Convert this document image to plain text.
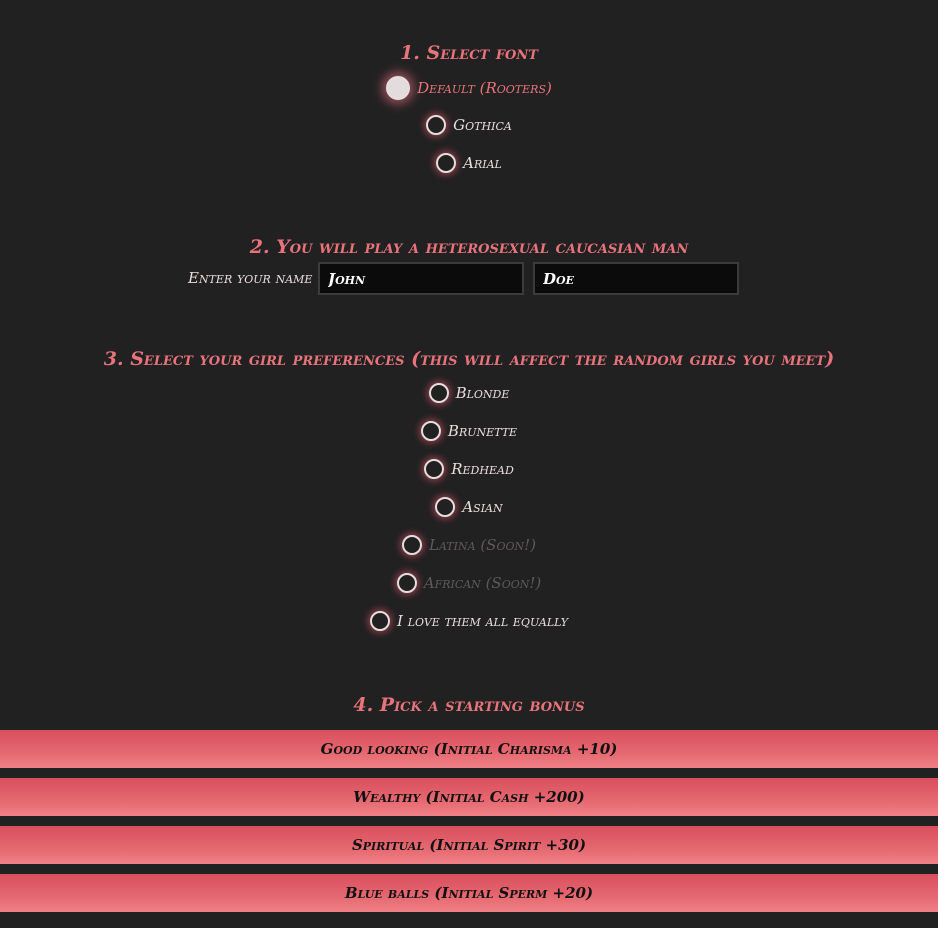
1. Select font
Default (Rooters)
Gothica
Arial
2. You will play a heterosexual caucasian man
Enter your name
John
Doe
3. Select your girl preferences (this will affect the random girls you meet)
Blonde
Brunette
Redhead
Asian
Latina (Soon!)
African (Soon!)
I love them all equally
4. Pick a starting bonus
Good looking (Initial Charisma +10)
Wealthy (Initial Cash +200)
Spiritual (Initial Spirit +30)
Blue balls (Initial Sperm +20)
